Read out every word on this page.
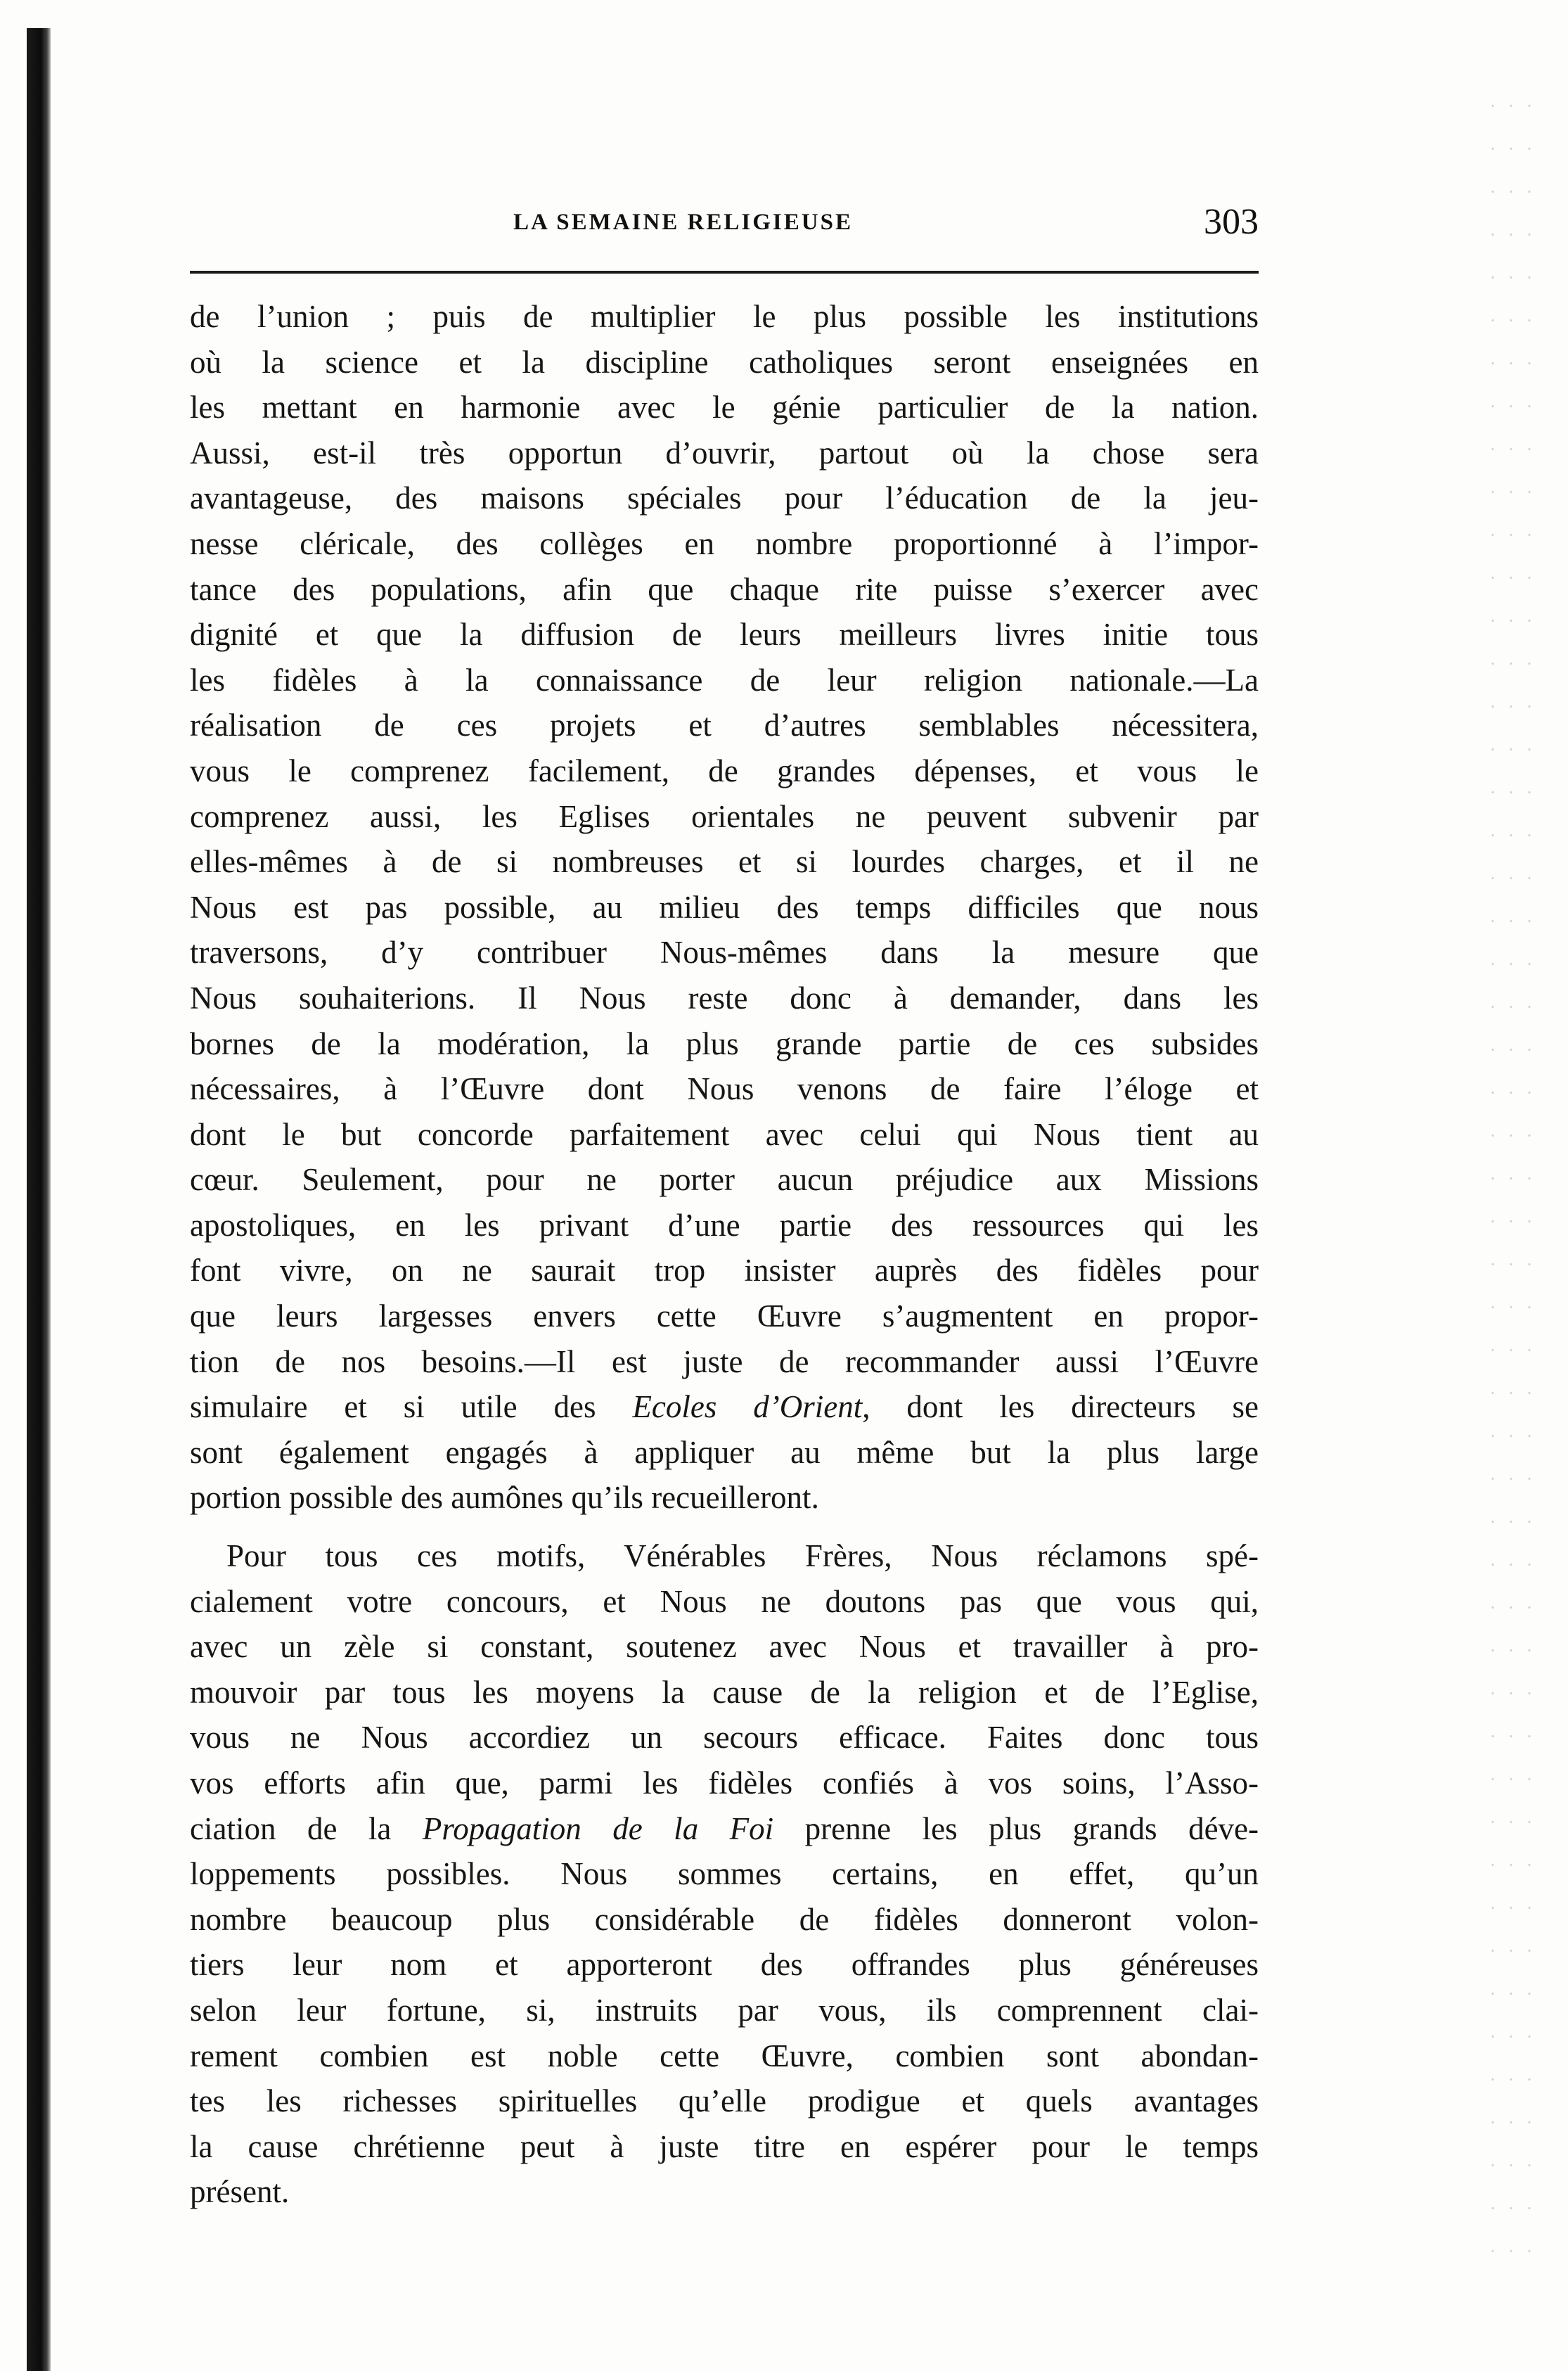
LA SEMAINE RELIGIEUSE	303
de l’union ; puis de multiplier le plus possible les institutions
où la science et la discipline catholiques seront enseignées en
les mettant en harmonie avec le génie particulier de la nation.
Aussi, est-il très opportun d’ouvrir, partout où la chose sera
avantageuse, des maisons spéciales pour l’éducation de la jeu-
nesse cléricale, des collèges en nombre proportionné à l’impor-
tance des populations, afin que chaque rite puisse s’exercer avec
dignité et que la diffusion de leurs meilleurs livres initie tous
les fidèles à la connaissance de leur religion nationale.—La
réalisation de ces projets et d’autres semblables nécessitera,
vous le comprenez facilement, de grandes dépenses, et vous le
comprenez aussi, les Eglises orientales ne peuvent subvenir par
elles-mêmes à de si nombreuses et si lourdes charges, et il ne
Nous est pas possible, au milieu des temps difficiles que nous
traversons, d’y contribuer Nous-mêmes dans la mesure que
Nous souhaiterions. Il Nous reste donc à demander, dans les
bornes de la modération, la plus grande partie de ces subsides
nécessaires, à l’Œuvre dont Nous venons de faire l’éloge et
dont le but concorde parfaitement avec celui qui Nous tient au
cœur. Seulement, pour ne porter aucun préjudice aux Missions
apostoliques, en les privant d’une partie des ressources qui les
font vivre, on ne saurait trop insister auprès des fidèles pour
que leurs largesses envers cette Œuvre s’augmentent en propor-
tion de nos besoins.—Il est juste de recommander aussi l’Œuvre
simulaire et si utile des Ecoles d’Orient, dont les directeurs se
sont également engagés à appliquer au même but la plus large
portion possible des aumônes qu’ils recueilleront.
Pour tous ces motifs, Vénérables Frères, Nous réclamons spé-
cialement votre concours, et Nous ne doutons pas que vous qui,
avec un zèle si constant, soutenez avec Nous et travailler à pro-
mouvoir par tous les moyens la cause de la religion et de l’Eglise,
vous ne Nous accordiez un secours efficace. Faites donc tous
vos efforts afin que, parmi les fidèles confiés à vos soins, l’Asso-
ciation de la Propagation de la Foi prenne les plus grands déve-
loppements possibles. Nous sommes certains, en effet, qu’un
nombre beaucoup plus considérable de fidèles donneront volon-
tiers leur nom et apporteront des offrandes plus généreuses
selon leur fortune, si, instruits par vous, ils comprennent clai-
rement combien est noble cette Œuvre, combien sont abondan-
tes les richesses spirituelles qu’elle prodigue et quels avantages
la cause chrétienne peut à juste titre en espérer pour le temps
présent.
